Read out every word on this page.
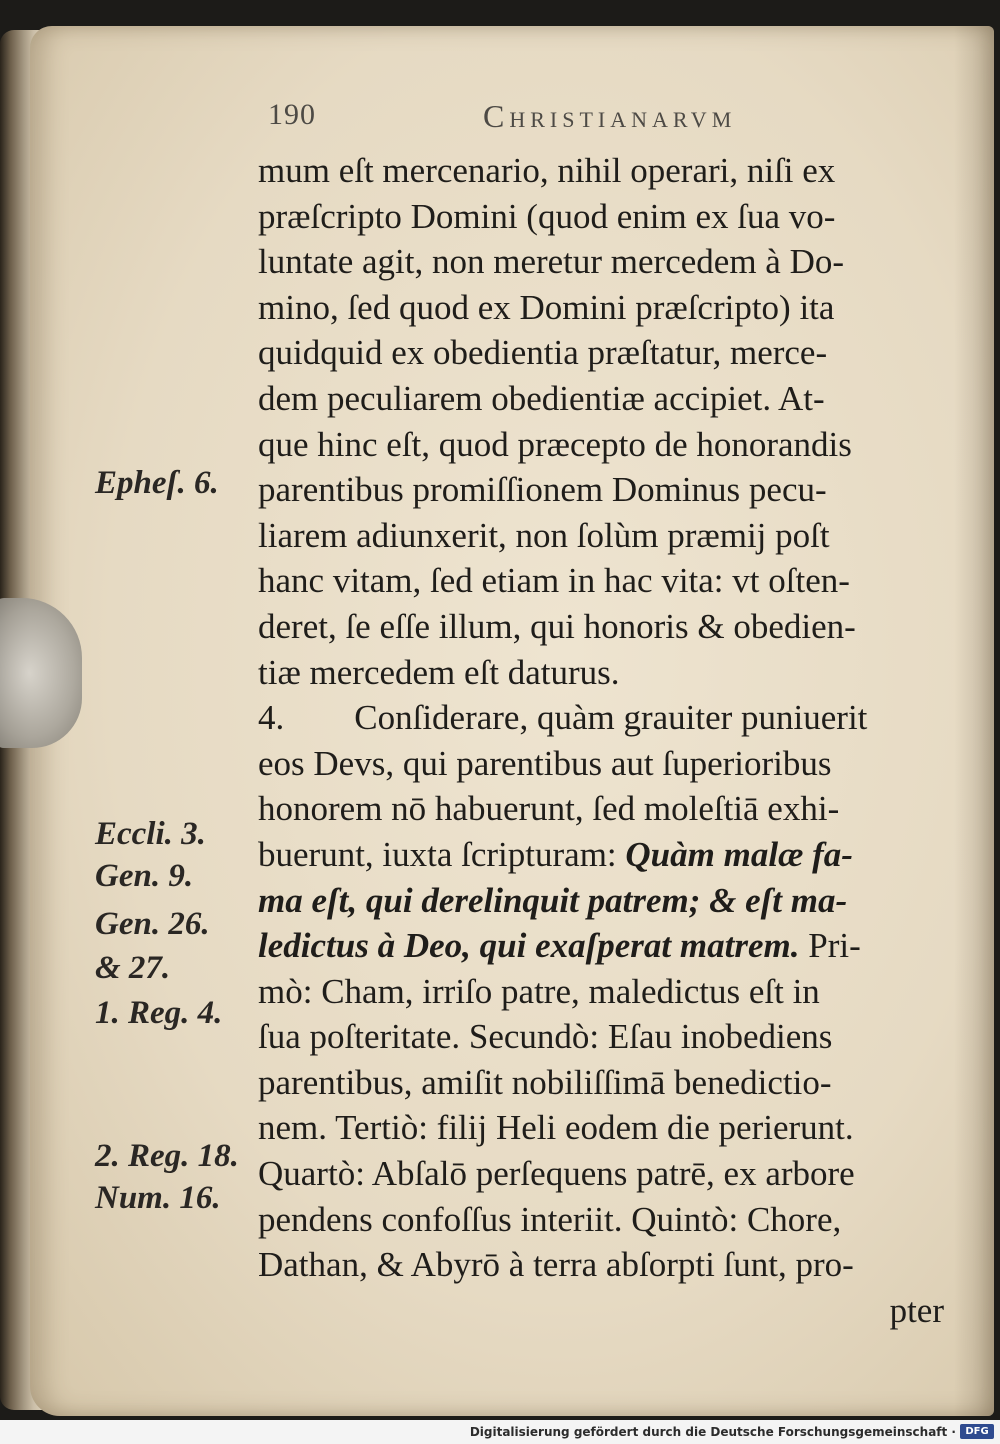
190	Christianarvm
Epheſ. 6.
Eccli. 3.
Gen. 9.
Gen. 26.
& 27.
1. Reg. 4.
2. Reg. 18.
Num. 16.
mum eſt mercenario, nihil operari, niſi ex
præſcripto Domini (quod enim ex ſua vo-
luntate agit, non meretur mercedem à Do-
mino, ſed quod ex Domini præſcripto) ita
quidquid ex obedientia præſtatur, merce-
dem peculiarem obedientiæ accipiet. At-
que hinc eſt, quod præcepto de honorandis
parentibus promiſſionem Dominus pecu-
liarem adiunxerit, non ſolùm præmij poſt
hanc vitam, ſed etiam in hac vita: vt oſten-
deret, ſe eſſe illum, qui honoris & obedien-
tiæ mercedem eſt daturus.
4. Conſiderare, quàm grauiter puniuerit
eos Devs, qui parentibus aut ſuperioribus
honorem nō habuerunt, ſed moleſtiā exhi-
buerunt, iuxta ſcripturam: Quàm malæ fa-
ma eſt, qui derelinquit patrem; & eſt ma-
ledictus à Deo, qui exaſperat matrem. Pri-
mò: Cham, irriſo patre, maledictus eſt in
ſua poſteritate. Secundò: Eſau inobediens
parentibus, amiſit nobiliſſimā benedictio-
nem. Tertiò: filij Heli eodem die perierunt.
Quartò: Abſalō perſequens patrē, ex arbore
pendens confoſſus interiit. Quintò: Chore,
Dathan, & Abyrō à terra abſorpti ſunt, pro-
pter
Digitalisierung gefördert durch die Deutsche Forschungsgemeinschaft · DFG
